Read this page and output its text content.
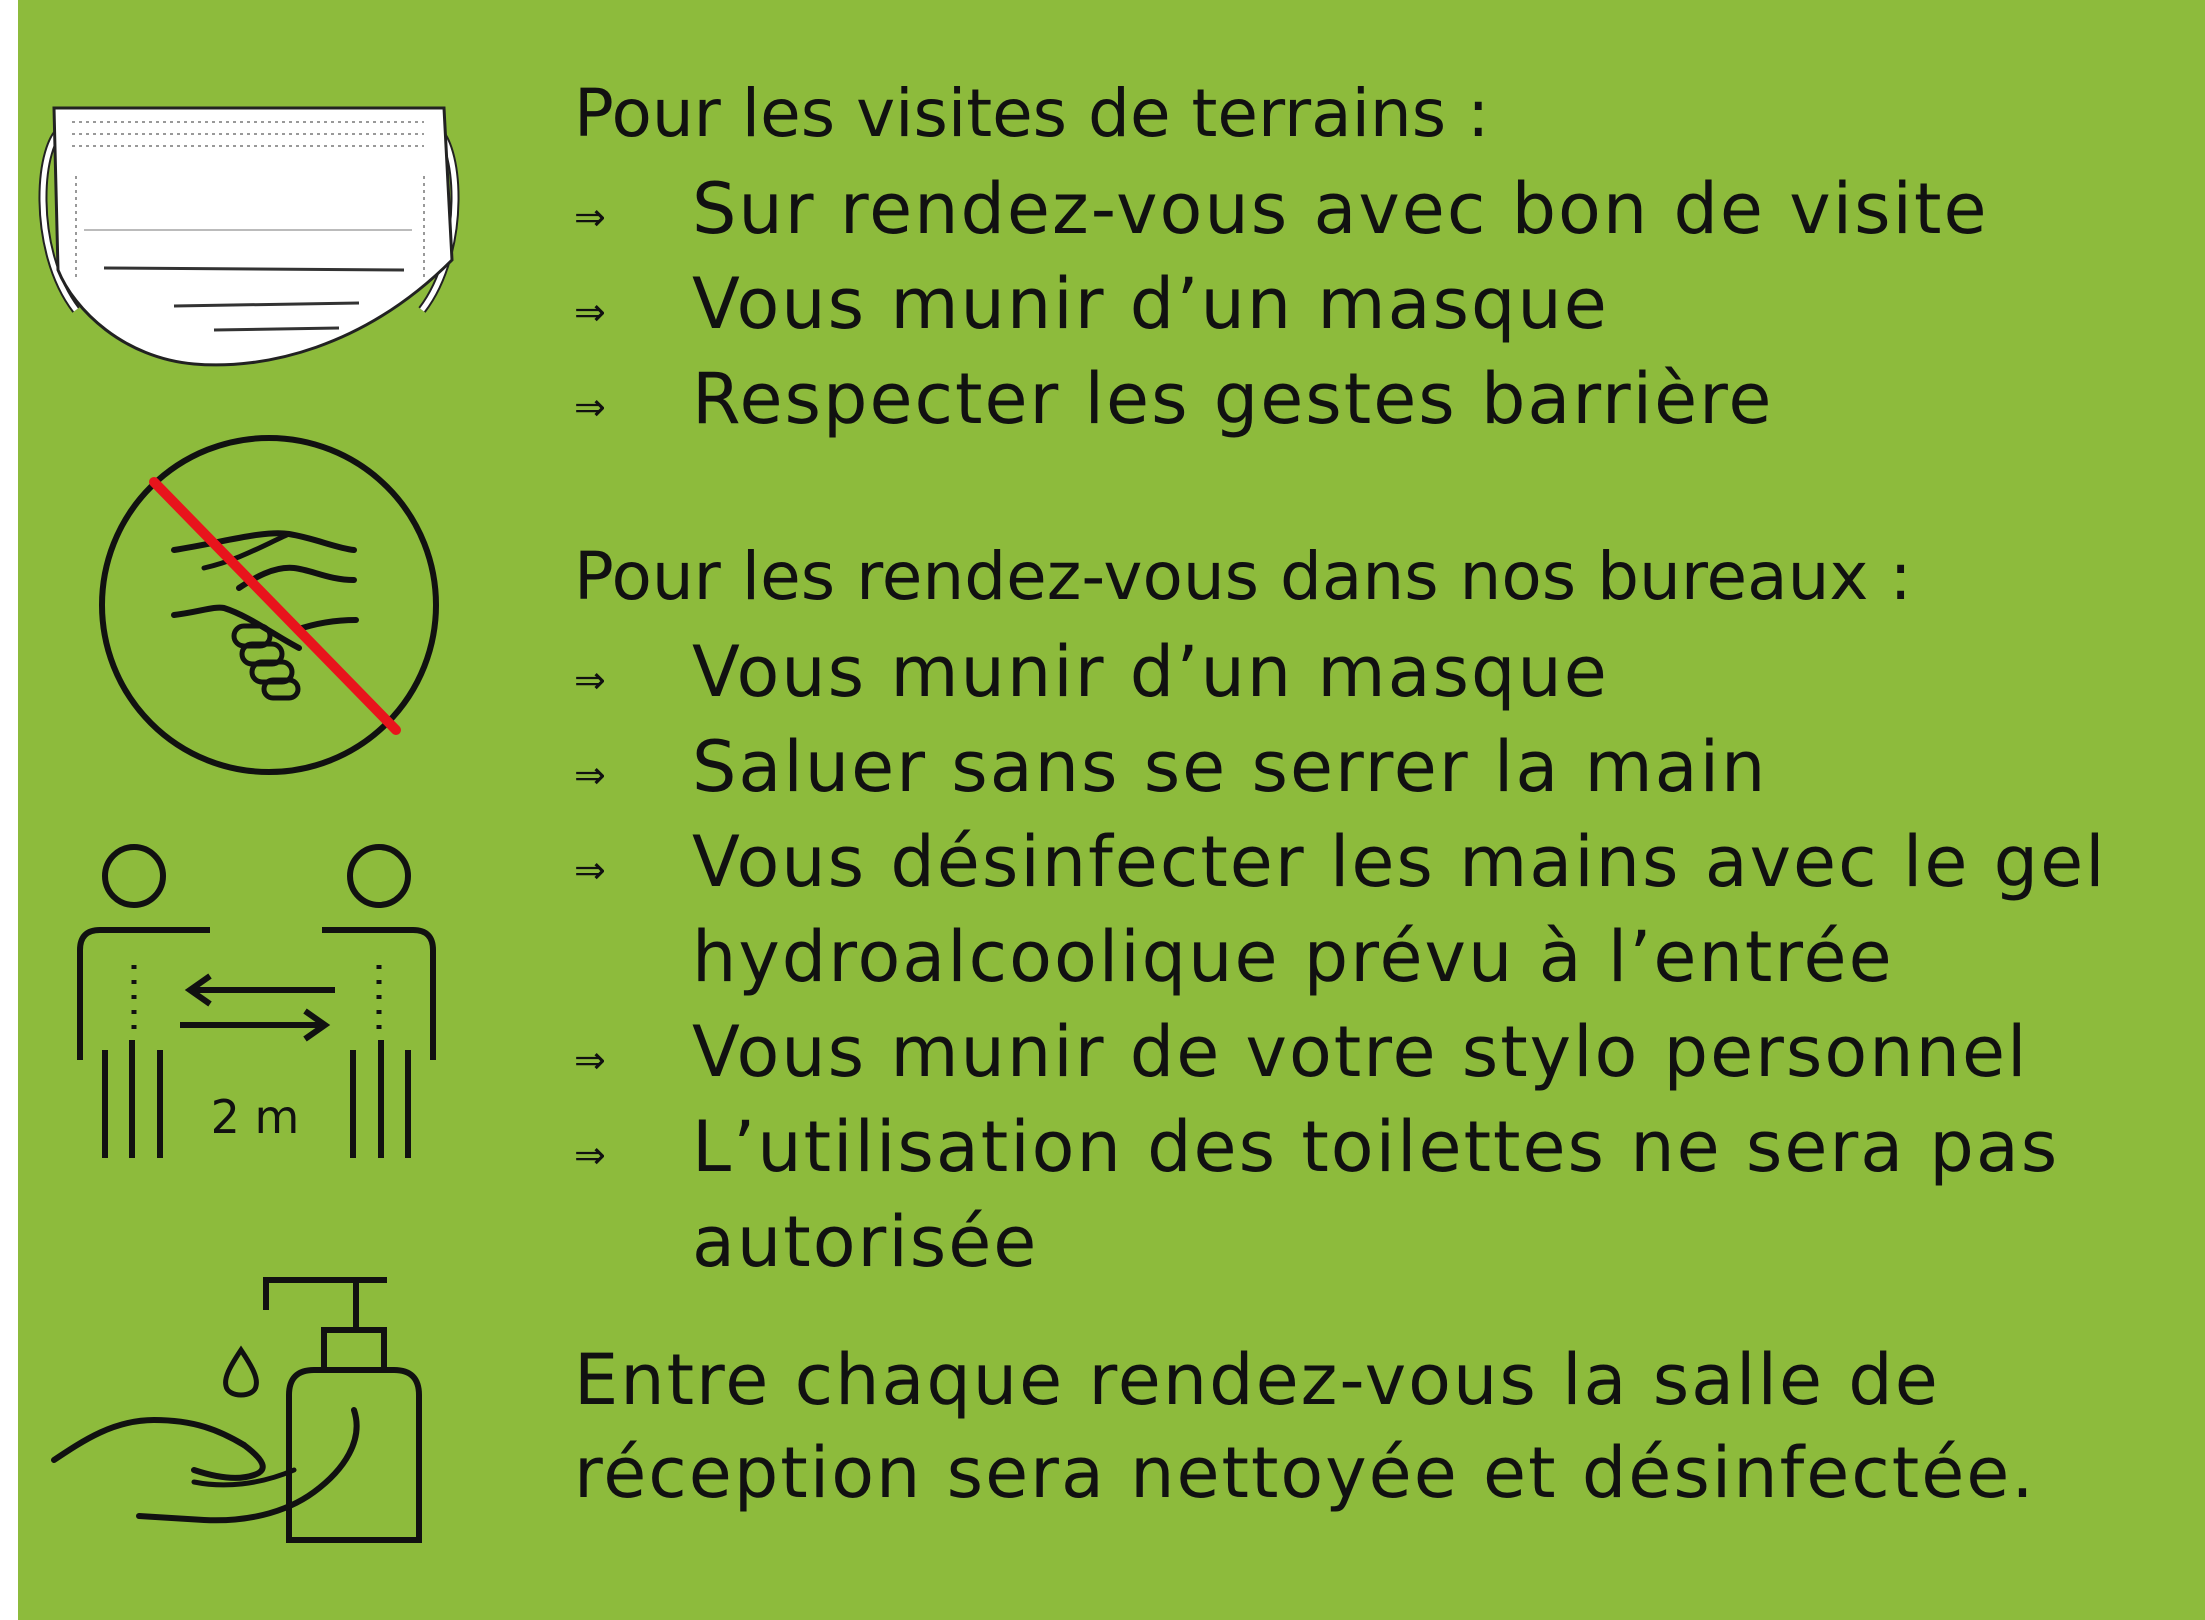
2 m
Pour les visites de terrains :
⇒ Sur rendez-vous avec bon de visite
⇒ Vous munir d’un masque
⇒ Respecter les gestes barrière
Pour les rendez-vous dans nos bureaux :
⇒ Vous munir d’un masque
⇒ Saluer sans se serrer la main
⇒ Vous désinfecter les mains avec le gel hydroalcoolique prévu à l’entrée
⇒ Vous munir de votre stylo personnel
⇒ L’utilisation des toilettes ne sera pas autorisée
Entre chaque rendez-vous la salle de réception sera nettoyée et désinfectée.
